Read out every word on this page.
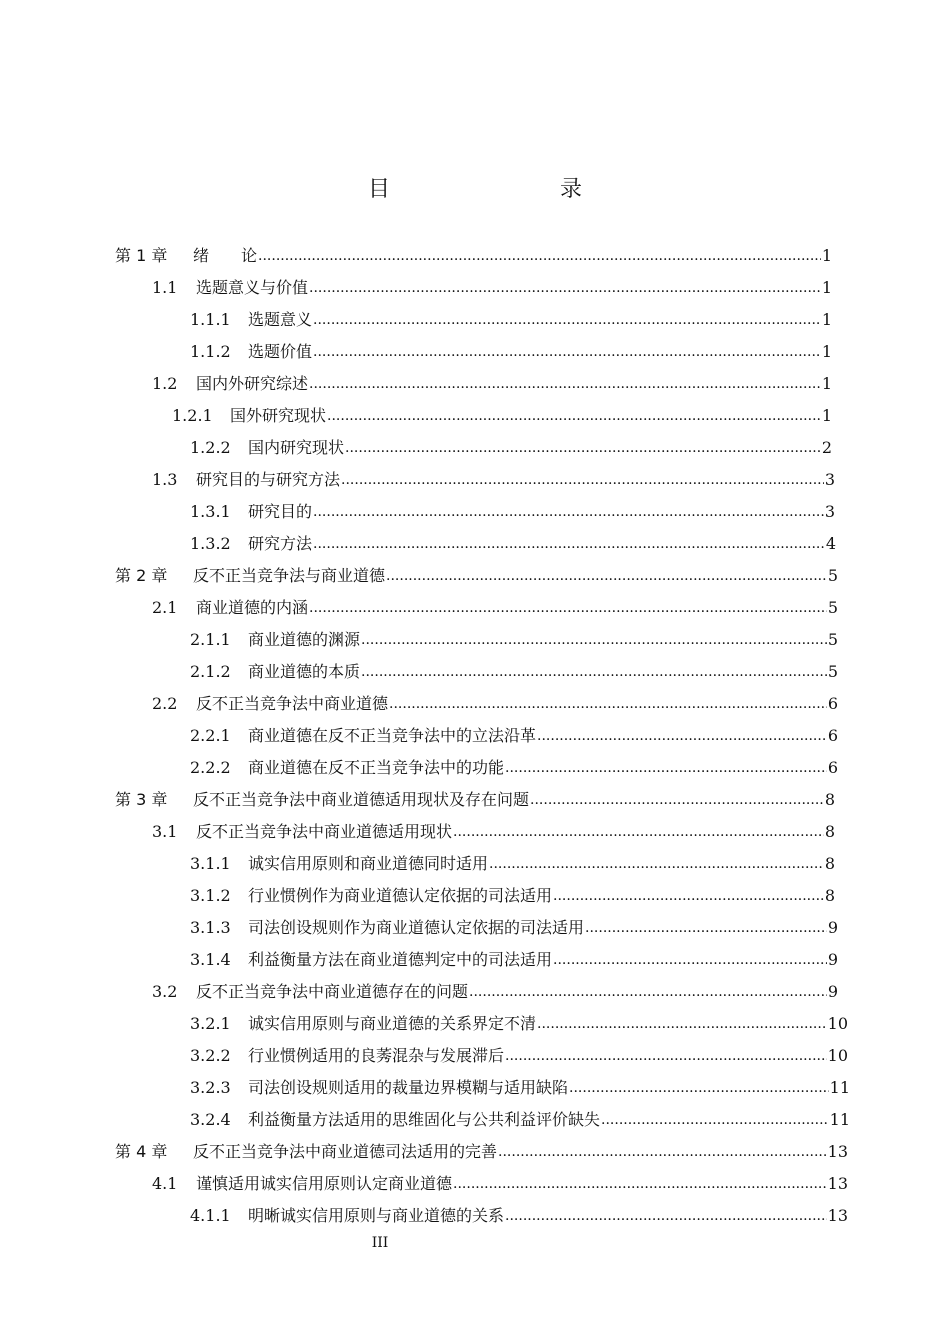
目　　录
第 1 章	绪　　论 .....	1
1.1	选题意义与价值 .....	1
1.1.1	选题意义 .....	1
1.1.2	选题价值 .....	1
1.2	国内外研究综述 .....	1
1.2.1	国外研究现状 .....	1
1.2.2	国内研究现状 .....	2
1.3	研究目的与研究方法 .....	3
1.3.1	研究目的 .....	3
1.3.2	研究方法 .....	4
第 2 章	反不正当竞争法与商业道德 .....	5
2.1	商业道德的内涵 .....	5
2.1.1	商业道德的渊源 .....	5
2.1.2	商业道德的本质 .....	5
2.2	反不正当竞争法中商业道德 .....	6
2.2.1	商业道德在反不正当竞争法中的立法沿革 .....	6
2.2.2	商业道德在反不正当竞争法中的功能 .....	6
第 3 章	反不正当竞争法中商业道德适用现状及存在问题 .....	8
3.1	反不正当竞争法中商业道德适用现状 .....	8
3.1.1	诚实信用原则和商业道德同时适用 .....	8
3.1.2	行业惯例作为商业道德认定依据的司法适用 .....	8
3.1.3	司法创设规则作为商业道德认定依据的司法适用 .....	9
3.1.4	利益衡量方法在商业道德判定中的司法适用 .....	9
3.2	反不正当竞争法中商业道德存在的问题 .....	9
3.2.1	诚实信用原则与商业道德的关系界定不清 .....	10
3.2.2	行业惯例适用的良莠混杂与发展滞后 .....	10
3.2.3	司法创设规则适用的裁量边界模糊与适用缺陷 .....	11
3.2.4	利益衡量方法适用的思维固化与公共利益评价缺失 .....	11
第 4 章	反不正当竞争法中商业道德司法适用的完善 .....	13
4.1	谨慎适用诚实信用原则认定商业道德 .....	13
4.1.1	明晰诚实信用原则与商业道德的关系 .....	13
III
